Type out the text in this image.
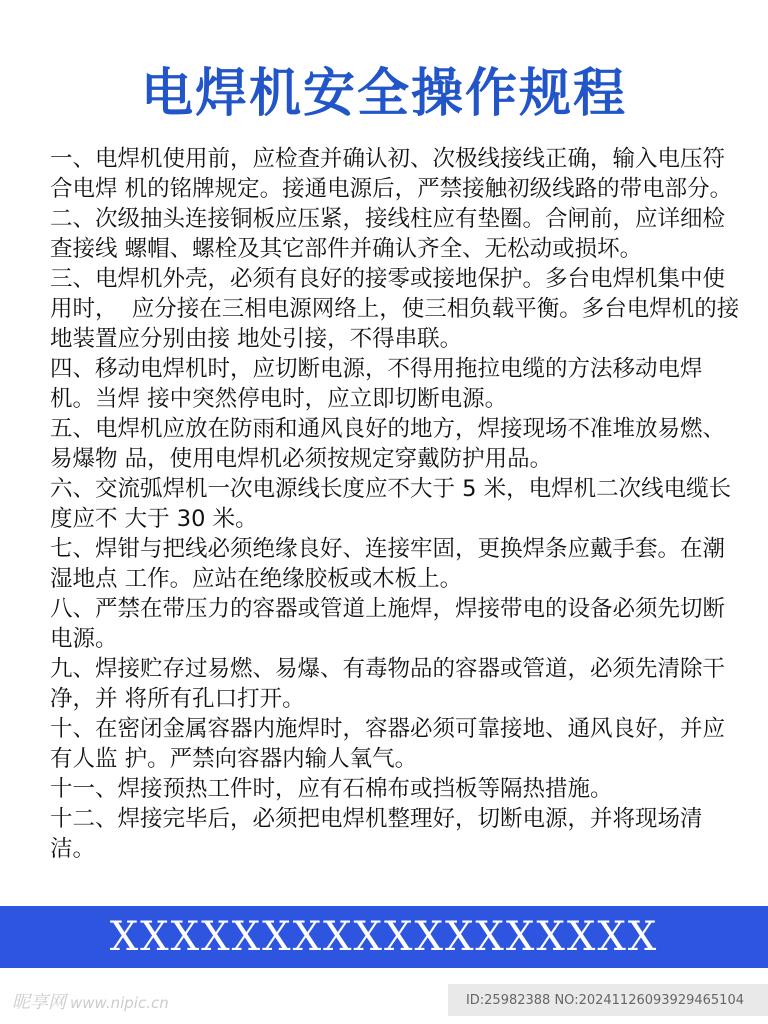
电焊机安全操作规程
一、电焊机使用前，应检查并确认初、次极线接线正确，输入电压符合电焊 机的铭牌规定。接通电源后，严禁接触初级线路的带电部分。
二、次级抽头连接铜板应压紧，接线柱应有垫圈。合闸前，应详细检查接线 螺帽、螺栓及其它部件并确认齐全、无松动或损坏。
三、电焊机外壳，必须有良好的接零或接地保护。多台电焊机集中使用时，  应分接在三相电源网络上，使三相负载平衡。多台电焊机的接地装置应分别由接 地处引接，不得串联。
四、移动电焊机时，应切断电源，不得用拖拉电缆的方法移动电焊机。当焊 接中突然停电时，应立即切断电源。
五、电焊机应放在防雨和通风良好的地方，焊接现场不准堆放易燃、易爆物 品，使用电焊机必须按规定穿戴防护用品。
六、交流弧焊机一次电源线长度应不大于 5 米，电焊机二次线电缆长度应不 大于 30 米。
七、焊钳与把线必须绝缘良好、连接牢固，更换焊条应戴手套。在潮湿地点 工作。应站在绝缘胶板或木板上。
八、严禁在带压力的容器或管道上施焊，焊接带电的设备必须先切断电源。
九、焊接贮存过易燃、易爆、有毒物品的容器或管道，必须先清除干净，并 将所有孔口打开。
十、在密闭金属容器内施焊时，容器必须可靠接地、通风良好，并应有人监 护。严禁向容器内输人氧气。
十一、焊接预热工件时，应有石棉布或挡板等隔热措施。
十二、焊接完毕后，必须把电焊机整理好，切断电源，并将现场清洁。
XXXXXXXXXXXXXXXXXX
昵享网 www.nipic.cn	ID:25982388 NO:20241126093929465104
